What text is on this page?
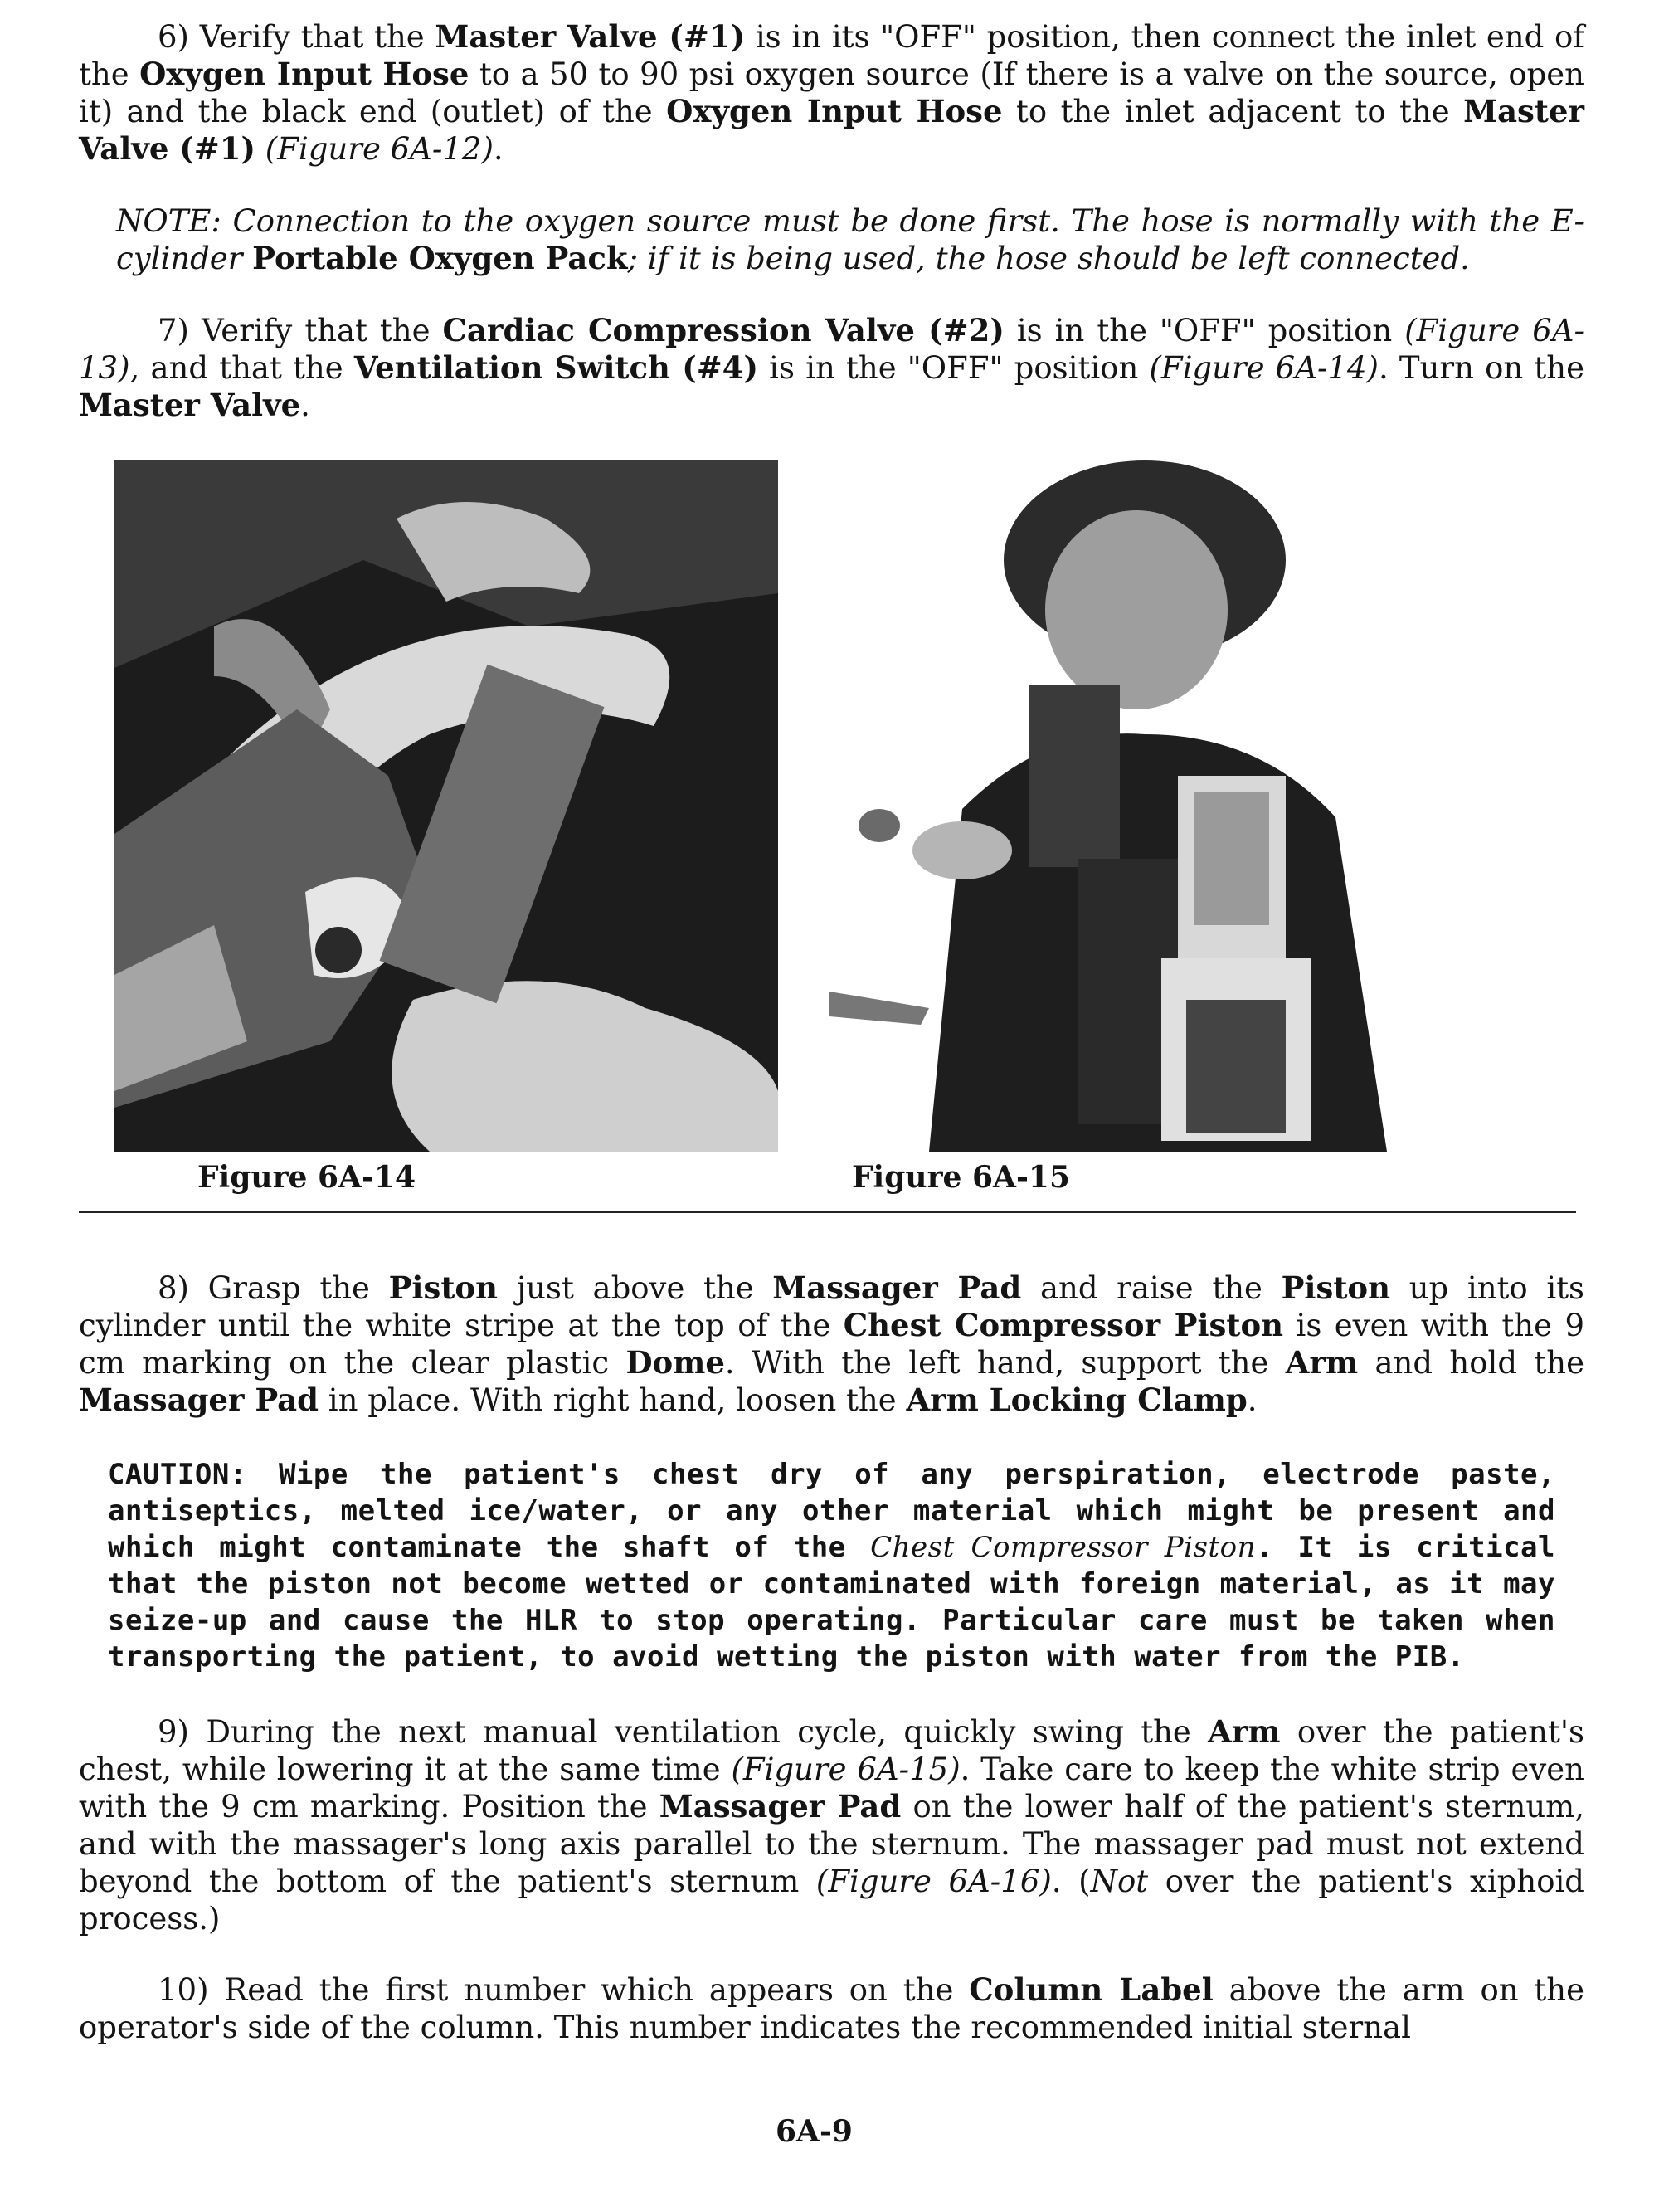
6) Verify that the Master Valve (#1) is in its "OFF" position, then connect the inlet end of the Oxygen Input Hose to a 50 to 90 psi oxygen source (If there is a valve on the source, open it) and the black end (outlet) of the Oxygen Input Hose to the inlet adjacent to the Master Valve (#1) (Figure 6A-12).

NOTE: Connection to the oxygen source must be done first. The hose is normally with the E-cylinder Portable Oxygen Pack; if it is being used, the hose should be left connected.

7) Verify that the Cardiac Compression Valve (#2) is in the "OFF" position (Figure 6A-13), and that the Ventilation Switch (#4) is in the "OFF" position (Figure 6A-14). Turn on the Master Valve.

Figure 6A-14	Figure 6A-15

8) Grasp the Piston just above the Massager Pad and raise the Piston up into its cylinder until the white stripe at the top of the Chest Compressor Piston is even with the 9 cm marking on the clear plastic Dome. With the left hand, support the Arm and hold the Massager Pad in place. With right hand, loosen the Arm Locking Clamp.

CAUTION: Wipe the patient's chest dry of any perspiration, electrode paste, antiseptics, melted ice/water, or any other material which might be present and which might contaminate the shaft of the Chest Compressor Piston. It is critical that the piston not become wetted or contaminated with foreign material, as it may seize-up and cause the HLR to stop operating. Particular care must be taken when transporting the patient, to avoid wetting the piston with water from the PIB.

9) During the next manual ventilation cycle, quickly swing the Arm over the patient's chest, while lowering it at the same time (Figure 6A-15). Take care to keep the white strip even with the 9 cm marking. Position the Massager Pad on the lower half of the patient's sternum, and with the massager's long axis parallel to the sternum. The massager pad must not extend beyond the bottom of the patient's sternum (Figure 6A-16). (Not over the patient's xiphoid process.)

10) Read the first number which appears on the Column Label above the arm on the operator's side of the column. This number indicates the recommended initial sternal

6A-9
